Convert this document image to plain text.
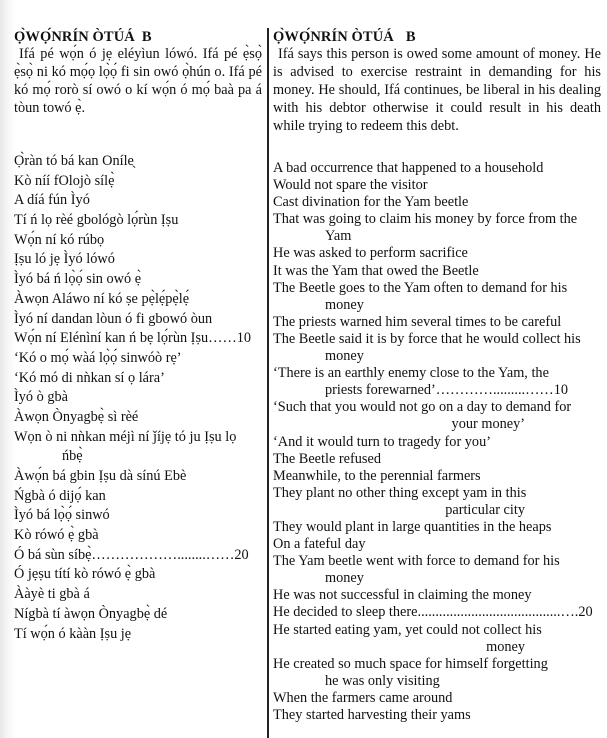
Ọ̀WỌ́NRÍN ÒTÚÁ B

Ifá pé wọ́n ó jẹ eléyìun lówó. Ifá pé ẹ̀sọ̀ ẹ̀sọ̀ ni kó mọ́ọ lọ̀ọ́ fi sin owó ọ̀hún o. Ifá pé kó mọ́ rorò sí owó o kí wọ́n ó mọ́ baà pa á tòun towó ẹ̀.

Ọ̀ràn tó bá kan Oníle̖
Kò níí fOlojò sílẹ̀
A díá fún Ìyó
Tí ń lọ rèé gbológò lọ́rùn Ịṣu
Wọ́n ní kó rúbọ
Ịṣu ló jẹ Ìyó lówó
Ìyó bá ń lọ̀ọ́ sin owó ẹ̀
Àwọn Aláwo ní kó ṣe pẹ̀lẹ́pẹ̀lẹ́
Ìyó ní dandan lòun ó fi gbowó òun
Wọ́n ní Elénìní kan ń bẹ lọ́rùn Ịṣu……10
‘Kó o mọ́ wàá lọ̀ọ́ sinwóò rẹ’
‘Kó mó di nǹkan sí ọ lára’
Ìyó ò gbà
Àwọn Ònyagbẹ̀ sì rèé
Wọn ò ni nǹkan méjì ní ǰíjẹ tó ju Ịṣu lọ
ńbẹ̀
Àwọ́n bá gbin Ịṣu dà sínú Ebè
Ńgbà ó dijọ́ kan
Ìyó bá lọ̀ọ́ sinwó
Kò rówó ẹ̀ gbà
Ó bá sùn síbẹ̀………………........……20
Ó jẹṣu títí kò rówó ẹ̀ gbà
Ààyè ti gbà á
Nígbà tí àwọn Ònyagbẹ̀ dé
Tí wọ́n ó kààn Ịṣu jẹ
Ọ̀WỌ́NRÍN ÒTÚÁ B

Ifá says this person is owed some amount of money. He is advised to exercise restraint in demanding for his money. He should, Ifá continues, be liberal in his dealing with his debtor otherwise it could result in his death while trying to redeem this debt.

A bad occurrence that happened to a household
Would not spare the visitor
Cast divination for the Yam beetle
That was going to claim his money by force from the
Yam
He was asked to perform sacrifice
It was the Yam that owed the Beetle
The Beetle goes to the Yam often to demand for his
money
The priests warned him several times to be careful
The Beetle said it is by force that he would collect his
money
‘There is an earthly enemy close to the Yam, the
priests forewarned’………….........……10
‘Such that you would not go on a day to demand for
your money’
‘And it would turn to tragedy for you’
The Beetle refused
Meanwhile, to the perennial farmers
They plant no other thing except yam in this
particular city
They would plant in large quantities in the heaps
On a fateful day
The Yam beetle went with force to demand for his
money
He was not successful in claiming the money
He decided to sleep there........................................….20
He started eating yam, yet could not collect his
money
He created so much space for himself forgetting
he was only visiting
When the farmers came around
They started harvesting their yams
